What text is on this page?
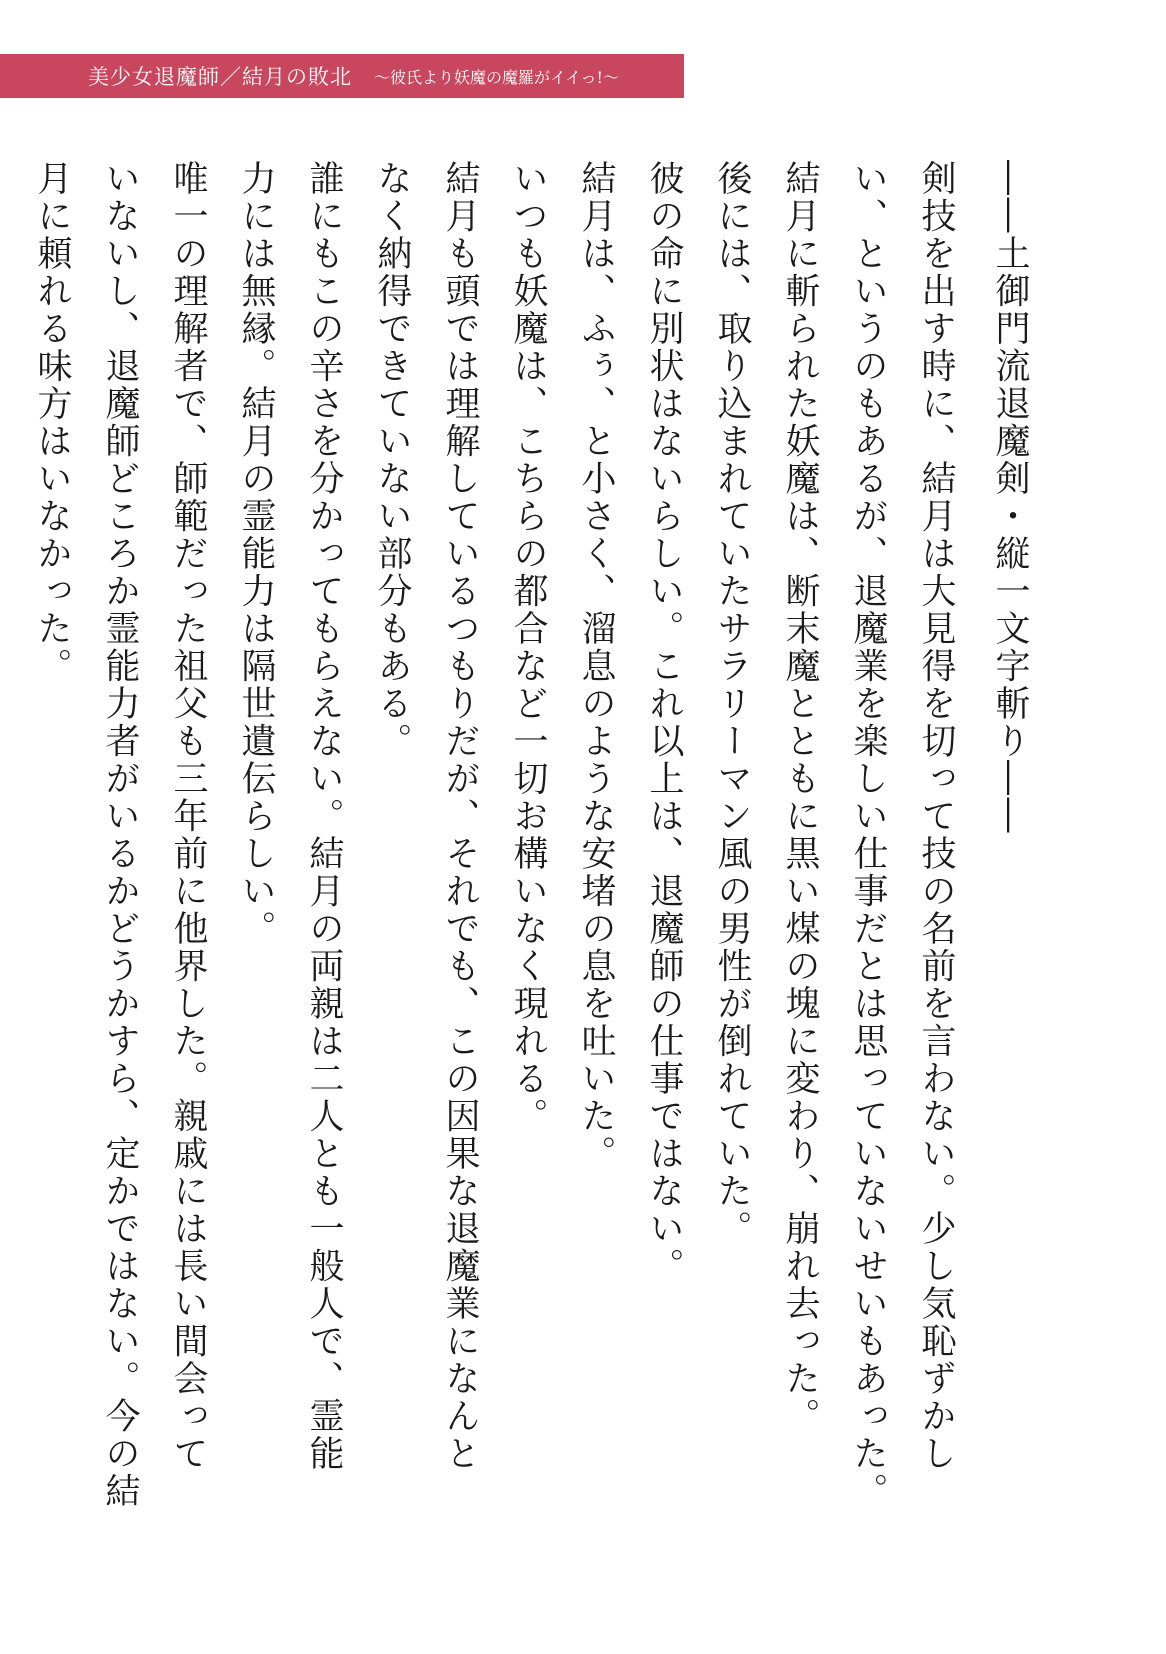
美少女退魔師／結月の敗北 〜彼氏より妖魔の魔羅がイイっ!〜

――土御門流退魔剣・縦一文字斬り――

剣技を出す時に、結月は大見得を切って技の名前を言わない。少し気恥ずかし

い、というのもあるが、退魔業を楽しい仕事だとは思っていないせいもあった。

結月に斬られた妖魔は、断末魔とともに黒い煤の塊に変わり、崩れ去った。

後には、取り込まれていたサラリーマン風の男性が倒れていた。

彼の命に別状はないらしい。これ以上は、退魔師の仕事ではない。

結月は、ふぅ、と小さく、溜息のような安堵の息を吐いた。

いつも妖魔は、こちらの都合など一切お構いなく現れる。

結月も頭では理解しているつもりだが、それでも、この因果な退魔業になんと

なく納得できていない部分もある。

誰にもこの辛さを分かってもらえない。結月の両親は二人とも一般人で、霊能

力には無縁。結月の霊能力は隔世遺伝らしい。

唯一の理解者で、師範だった祖父も三年前に他界した。親戚には長い間会って

いないし、退魔師どころか霊能力者がいるかどうかすら、定かではない。今の結

月に頼れる味方はいなかった。
